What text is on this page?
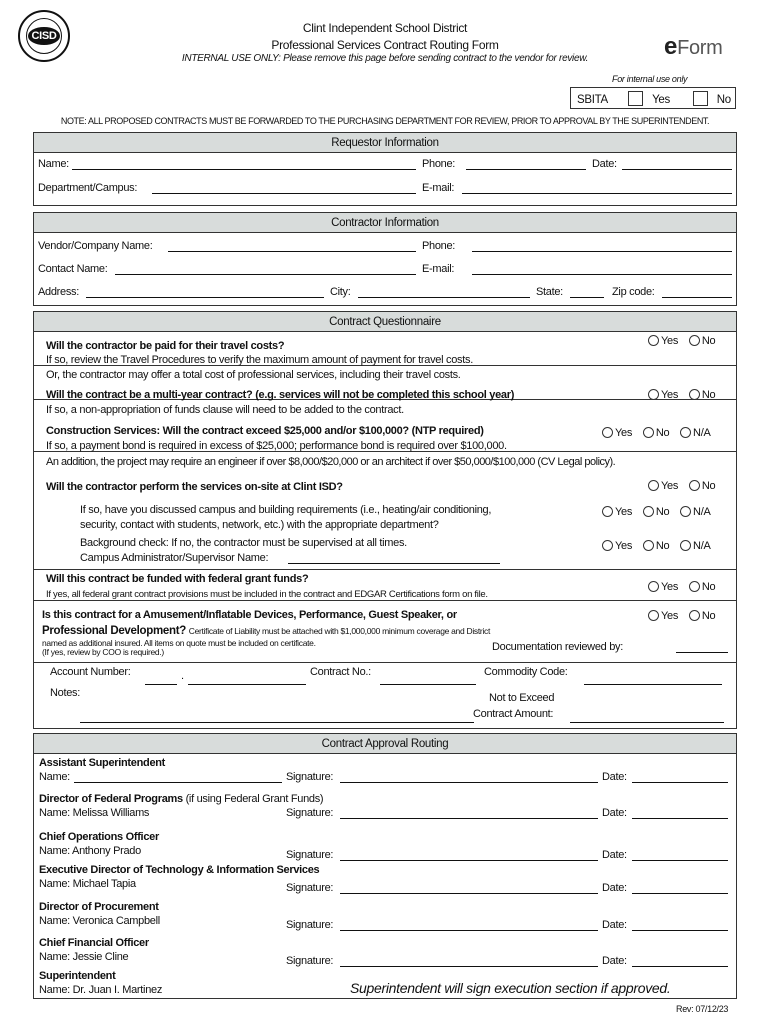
CISD
Clint Independent School District
Professional Services Contract Routing Form
INTERNAL USE ONLY: Please remove this page before sending contract to the vendor for review.	eForm
For internal use only
SBITA	Yes	No
NOTE: ALL PROPOSED CONTRACTS MUST BE FORWARDED TO THE PURCHASING DEPARTMENT FOR REVIEW, PRIOR TO APPROVAL BY THE SUPERINTENDENT.
Requestor Information
Name:	Phone:	Date:
Department/Campus:	E-mail:
Contractor Information
Vendor/Company Name:	Phone:
Contact Name:	E-mail:
Address:	City:	State:	Zip code:
Contract Questionnaire
Will the contractor be paid for their travel costs?
If so, review the Travel Procedures to verify the maximum amount of payment for travel costs.
Or, the contractor may offer a total cost of professional services, including their travel costs.
Yes No
Will the contract be a multi-year contract? (e.g. services will not be completed this school year)
If so, a non-appropriation of funds clause will need to be added to the contract.
Yes No
Construction Services: Will the contract exceed $25,000 and/or $100,000? (NTP required)
If so, a payment bond is required in excess of $25,000; performance bond is required over $100,000.
An addition, the project may require an engineer if over $8,000/$20,000 or an architect if over $50,000/$100,000 (CV Legal policy).
Yes No N/A
Will the contractor perform the services on-site at Clint ISD?	Yes No
If so, have you discussed campus and building requirements (i.e., heating/air conditioning,
security, contact with students, network, etc.) with the appropriate department?
Yes No N/A
Background check: If no, the contractor must be supervised at all times.	Yes No N/A
Campus Administrator/Supervisor Name:
Will this contract be funded with federal grant funds?
If yes, all federal grant contract provisions must be included in the contract and EDGAR Certifications form on file.
Yes No
Is this contract for a Amusement/Inflatable Devices, Performance, Guest Speaker, or
Professional Development? Certificate of Liability must be attached with $1,000,000 minimum coverage and District
named as additional insured. All items on quote must be included on certificate.
(If yes, review by COO is required.)	Documentation reviewed by:
Yes No
Account Number:	.	Contract No.:	Commodity Code:
Notes:	Not to Exceed
Contract Amount:
Contract Approval Routing
Assistant Superintendent
Name:	Signature:	Date:
Director of Federal Programs (if using Federal Grant Funds)
Name: Melissa Williams	Signature:	Date:
Chief Operations Officer
Name: Anthony Prado	Signature:	Date:
Executive Director of Technology & Information Services
Name: Michael Tapia	Signature:	Date:
Director of Procurement
Name: Veronica Campbell	Signature:	Date:
Chief Financial Officer
Name: Jessie Cline	Signature:	Date:
Superintendent
Name: Dr. Juan I. Martinez	Superintendent will sign execution section if approved.
Rev: 07/12/23
